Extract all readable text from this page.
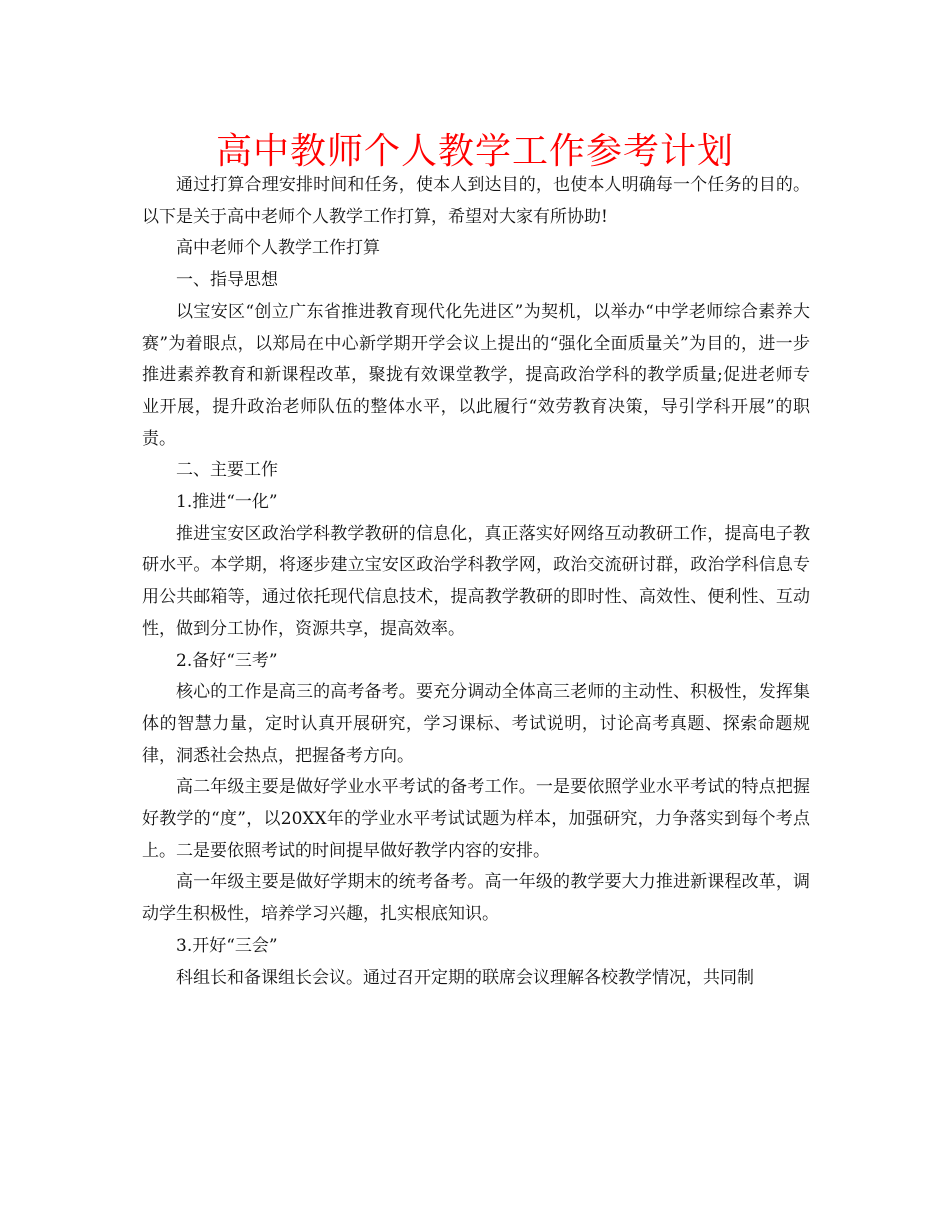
高中教师个人教学工作参考计划

通过打算合理安排时间和任务，使本人到达目的，也使本人明确每一个任务的目的。以下是关于高中老师个人教学工作打算，希望对大家有所协助!

高中老师个人教学工作打算

一、指导思想

以宝安区“创立广东省推进教育现代化先进区”为契机，以举办“中学老师综合素养大赛”为着眼点，以郑局在中心新学期开学会议上提出的“强化全面质量关”为目的，进一步推进素养教育和新课程改革，聚拢有效课堂教学，提高政治学科的教学质量;促进老师专业开展，提升政治老师队伍的整体水平，以此履行“效劳教育决策，导引学科开展”的职责。

二、主要工作

1.推进“一化”

推进宝安区政治学科教学教研的信息化，真正落实好网络互动教研工作，提高电子教研水平。本学期，将逐步建立宝安区政治学科教学网，政治交流研讨群，政治学科信息专用公共邮箱等，通过依托现代信息技术，提高教学教研的即时性、高效性、便利性、互动性，做到分工协作，资源共享，提高效率。

2.备好“三考”

核心的工作是高三的高考备考。要充分调动全体高三老师的主动性、积极性，发挥集体的智慧力量，定时认真开展研究，学习课标、考试说明，讨论高考真题、探索命题规律，洞悉社会热点，把握备考方向。

高二年级主要是做好学业水平考试的备考工作。一是要依照学业水平考试的特点把握好教学的“度”，以20XX年的学业水平考试试题为样本，加强研究，力争落实到每个考点上。二是要依照考试的时间提早做好教学内容的安排。

高一年级主要是做好学期末的统考备考。高一年级的教学要大力推进新课程改革，调动学生积极性，培养学习兴趣，扎实根底知识。

3.开好“三会”

科组长和备课组长会议。通过召开定期的联席会议理解各校教学情况，共同制
